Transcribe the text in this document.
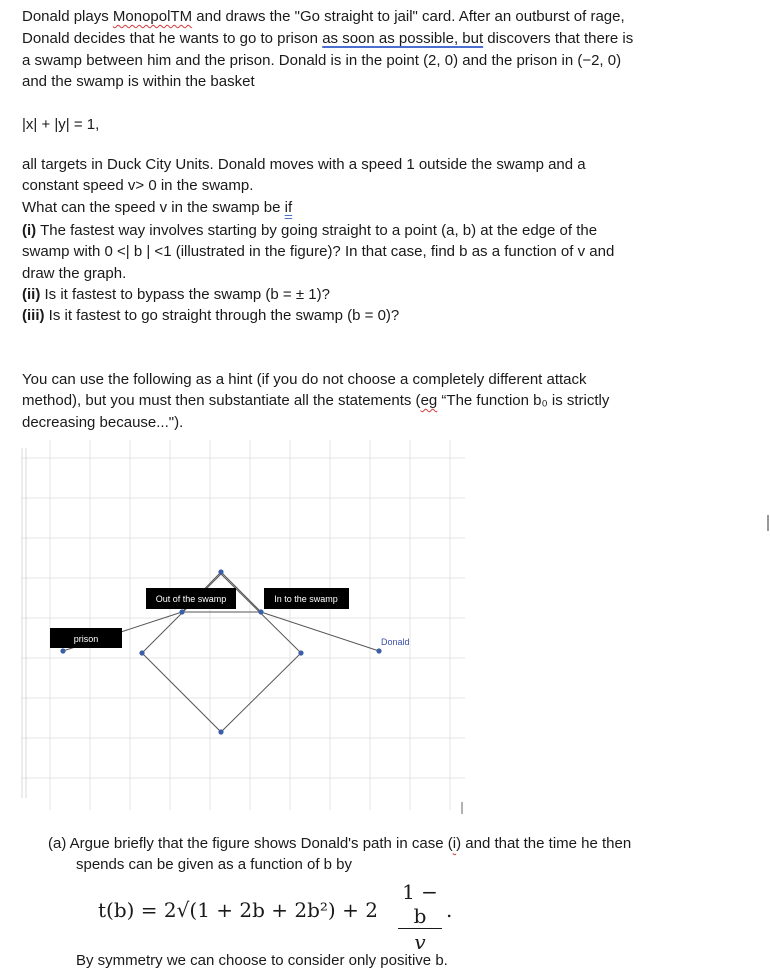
Donald plays MonopolTM and draws the "Go straight to jail" card. After an outburst of rage,

Donald decides that he wants to go to prison as soon as possible, but discovers that there is

a swamp between him and the prison. Donald is in the point (2, 0) and the prison in (−2, 0)

and the swamp is within the basket

|x| + |y| = 1,

all targets in Duck City Units. Donald moves with a speed 1 outside the swamp and a

constant speed v> 0 in the swamp.

What can the speed v in the swamp be if

(i) The fastest way involves starting by going straight to a point (a, b) at the edge of the

swamp with 0 <| b | <1 (illustrated in the figure)? In that case, find b as a function of v and

draw the graph.

(ii) Is it fastest to bypass the swamp (b = ± 1)?

(iii) Is it fastest to go straight through the swamp (b = 0)?

You can use the following as a hint (if you do not choose a completely different attack

method), but you must then substantiate all the statements (eg “The function b₀ is strictly

decreasing because...").

Out of the swamp	In to the swamp
prison	Donald

(a) Argue briefly that the figure shows Donald's path in case (i) and that the time he then

spends can be given as a function of b by

$t(b) = 2√(1 + 2b + 2b^2) + 2 \frac{1 - b}{v}$ .

By symmetry we can choose to consider only positive b.
